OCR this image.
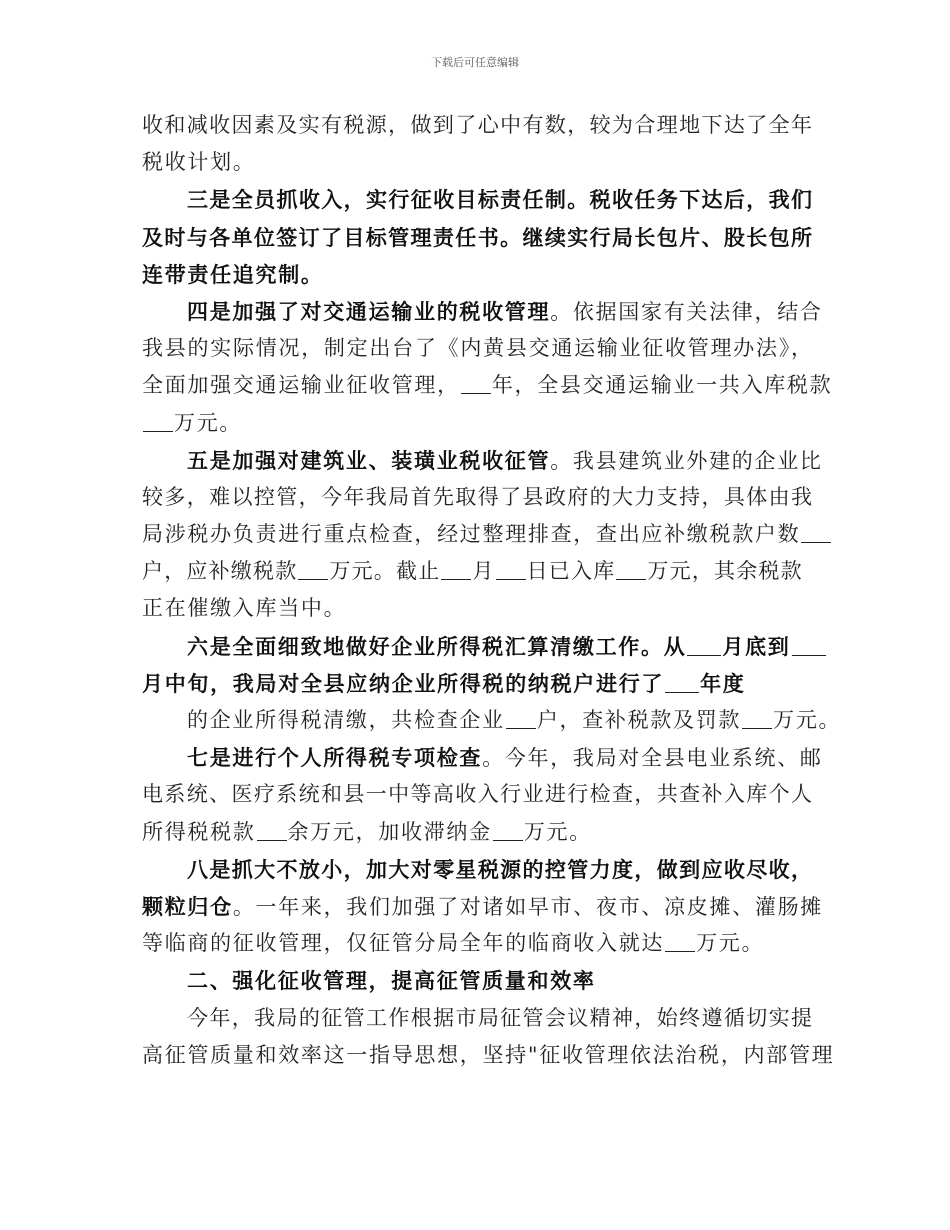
下载后可任意编辑
收和减收因素及实有税源，做到了心中有数，较为合理地下达了全年
税收计划。
三是全员抓收入，实行征收目标责任制。税收任务下达后，我们
及时与各单位签订了目标管理责任书。继续实行局长包片、股长包所
连带责任追究制。
四是加强了对交通运输业的税收管理。依据国家有关法律，结合
我县的实际情况，制定出台了《内黄县交通运输业征收管理办法》，
全面加强交通运输业征收管理， 年，全县交通运输业一共入库税款
万元。
五是加强对建筑业、装璜业税收征管。我县建筑业外建的企业比
较多，难以控管，今年我局首先取得了县政府的大力支持，具体由我
局涉税办负责进行重点检查，经过整理排查，查出应补缴税款户数
户，应补缴税款 万元。截止 月 日已入库 万元，其余税款
正在催缴入库当中。
六是全面细致地做好企业所得税汇算清缴工作。从 月底到
月中旬，我局对全县应纳企业所得税的纳税户进行了 年度
的企业所得税清缴，共检查企业 户，查补税款及罚款 万元。
七是进行个人所得税专项检查。今年，我局对全县电业系统、邮
电系统、医疗系统和县一中等高收入行业进行检查，共查补入库个人
所得税税款 余万元，加收滞纳金 万元。
八是抓大不放小，加大对零星税源的控管力度，做到应收尽收，
颗粒归仓。一年来，我们加强了对诸如早市、夜市、凉皮摊、灌肠摊
等临商的征收管理，仅征管分局全年的临商收入就达 万元。
二、强化征收管理，提高征管质量和效率
今年，我局的征管工作根据市局征管会议精神，始终遵循切实提
高征管质量和效率这一指导思想，坚持"征收管理依法治税，内部管理
